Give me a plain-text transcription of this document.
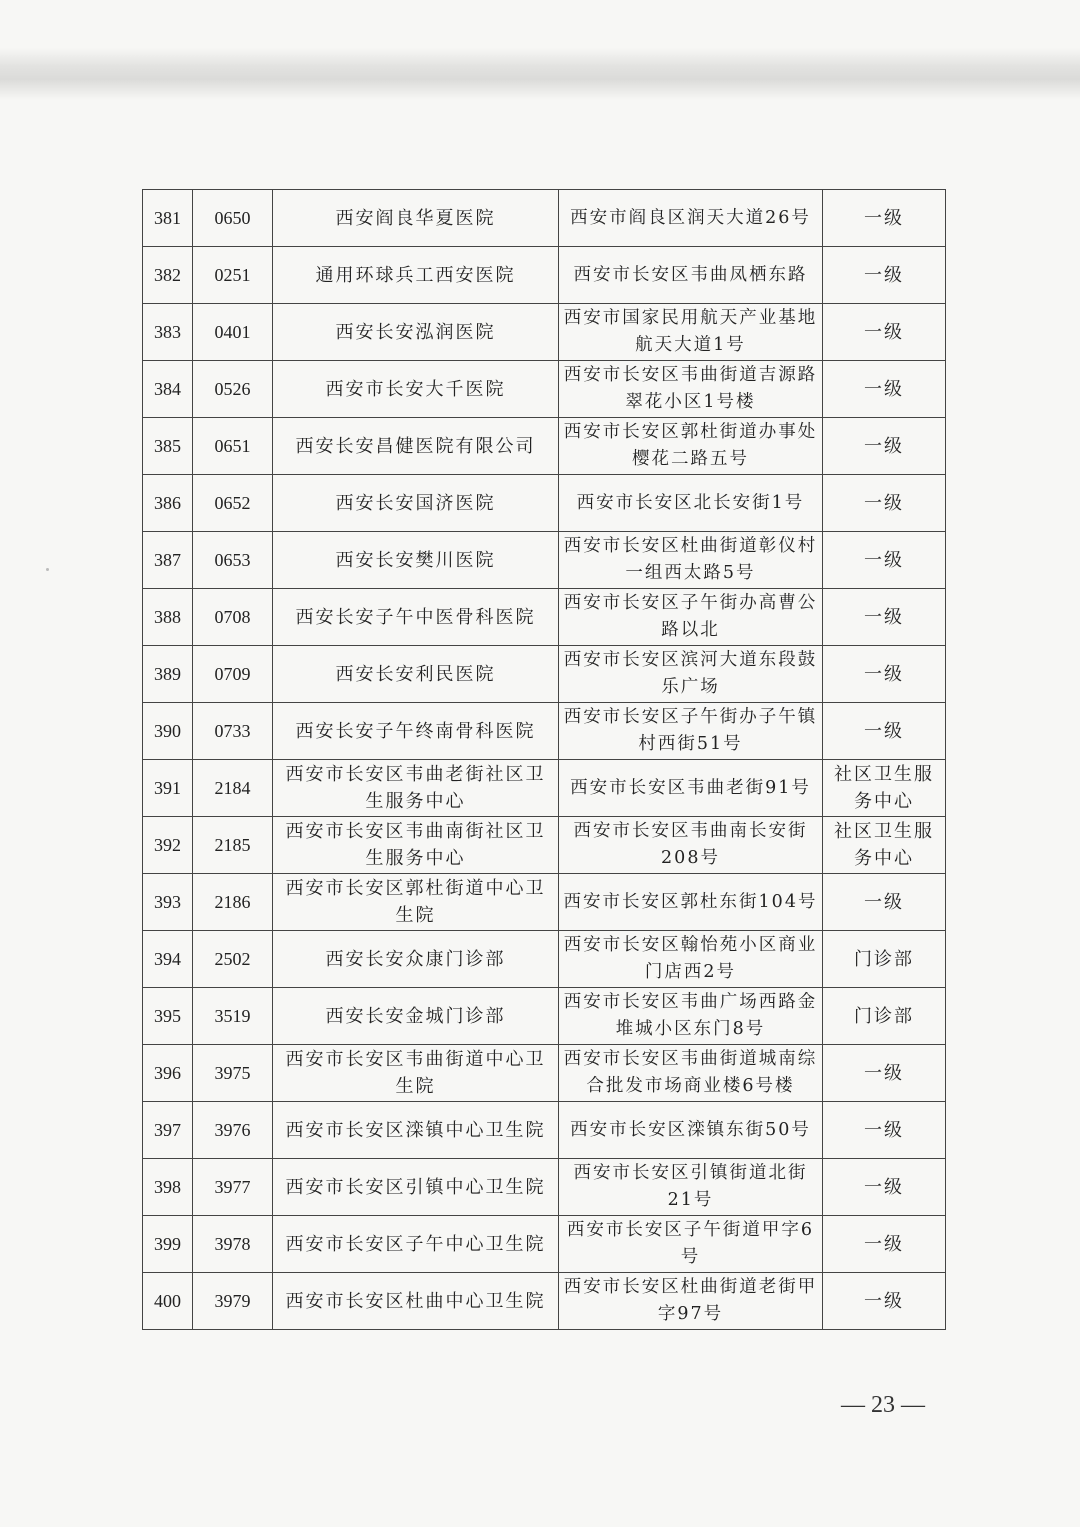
381	0650	西安阎良华夏医院	西安市阎良区润天大道26号	一级
382	0251	通用环球兵工西安医院	西安市长安区韦曲凤栖东路	一级
383	0401	西安长安泓润医院	西安市国家民用航天产业基地航天大道1号	一级
384	0526	西安市长安大千医院	西安市长安区韦曲街道吉源路翠花小区1号楼	一级
385	0651	西安长安昌健医院有限公司	西安市长安区郭杜街道办事处樱花二路五号	一级
386	0652	西安长安国济医院	西安市长安区北长安街1号	一级
387	0653	西安长安樊川医院	西安市长安区杜曲街道彰仪村一组西太路5号	一级
388	0708	西安长安子午中医骨科医院	西安市长安区子午街办高曹公路以北	一级
389	0709	西安长安利民医院	西安市长安区滨河大道东段鼓乐广场	一级
390	0733	西安长安子午终南骨科医院	西安市长安区子午街办子午镇村西街51号	一级
391	2184	西安市长安区韦曲老街社区卫生服务中心	西安市长安区韦曲老街91号	社区卫生服务中心
392	2185	西安市长安区韦曲南街社区卫生服务中心	西安市长安区韦曲南长安街208号	社区卫生服务中心
393	2186	西安市长安区郭杜街道中心卫生院	西安市长安区郭杜东街104号	一级
394	2502	西安长安众康门诊部	西安市长安区翰怡苑小区商业门店西2号	门诊部
395	3519	西安长安金城门诊部	西安市长安区韦曲广场西路金堆城小区东门8号	门诊部
396	3975	西安市长安区韦曲街道中心卫生院	西安市长安区韦曲街道城南综合批发市场商业楼6号楼	一级
397	3976	西安市长安区滦镇中心卫生院	西安市长安区滦镇东街50号	一级
398	3977	西安市长安区引镇中心卫生院	西安市长安区引镇街道北街21号	一级
399	3978	西安市长安区子午中心卫生院	西安市长安区子午街道甲字6号	一级
400	3979	西安市长安区杜曲中心卫生院	西安市长安区杜曲街道老街甲字97号	一级
— 23 —
